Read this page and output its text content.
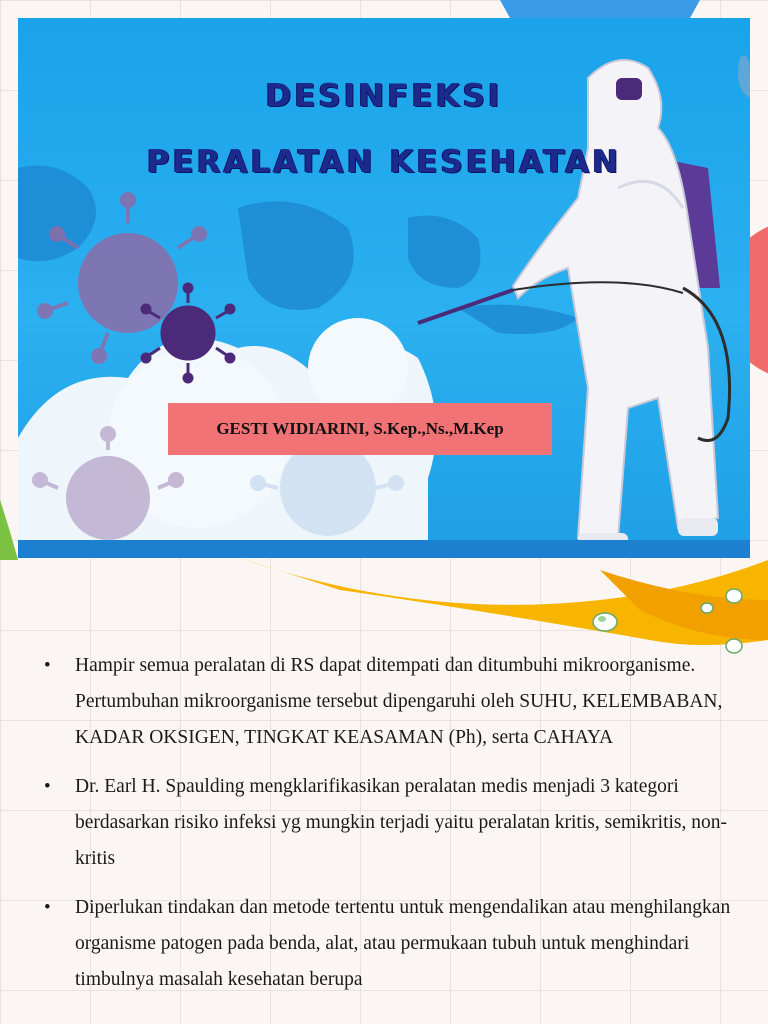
DESINFEKSI
PERALATAN KESEHATAN
GESTI WIDIARINI, S.Kep.,Ns.,M.Kep
• Hampir semua peralatan di RS dapat ditempati dan ditumbuhi mikroorganisme. Pertumbuhan mikroorganisme tersebut dipengaruhi oleh SUHU, KELEMBABAN, KADAR OKSIGEN, TINGKAT KEASAMAN (Ph), serta CAHAYA
• Dr. Earl H. Spaulding mengklarifikasikan peralatan medis menjadi 3 kategori berdasarkan risiko infeksi yg mungkin terjadi yaitu peralatan kritis, semikritis, non-kritis
• Diperlukan tindakan dan metode tertentu untuk mengendalikan atau menghilangkan organisme patogen pada benda, alat, atau permukaan tubuh untuk menghindari timbulnya masalah kesehatan berupa
